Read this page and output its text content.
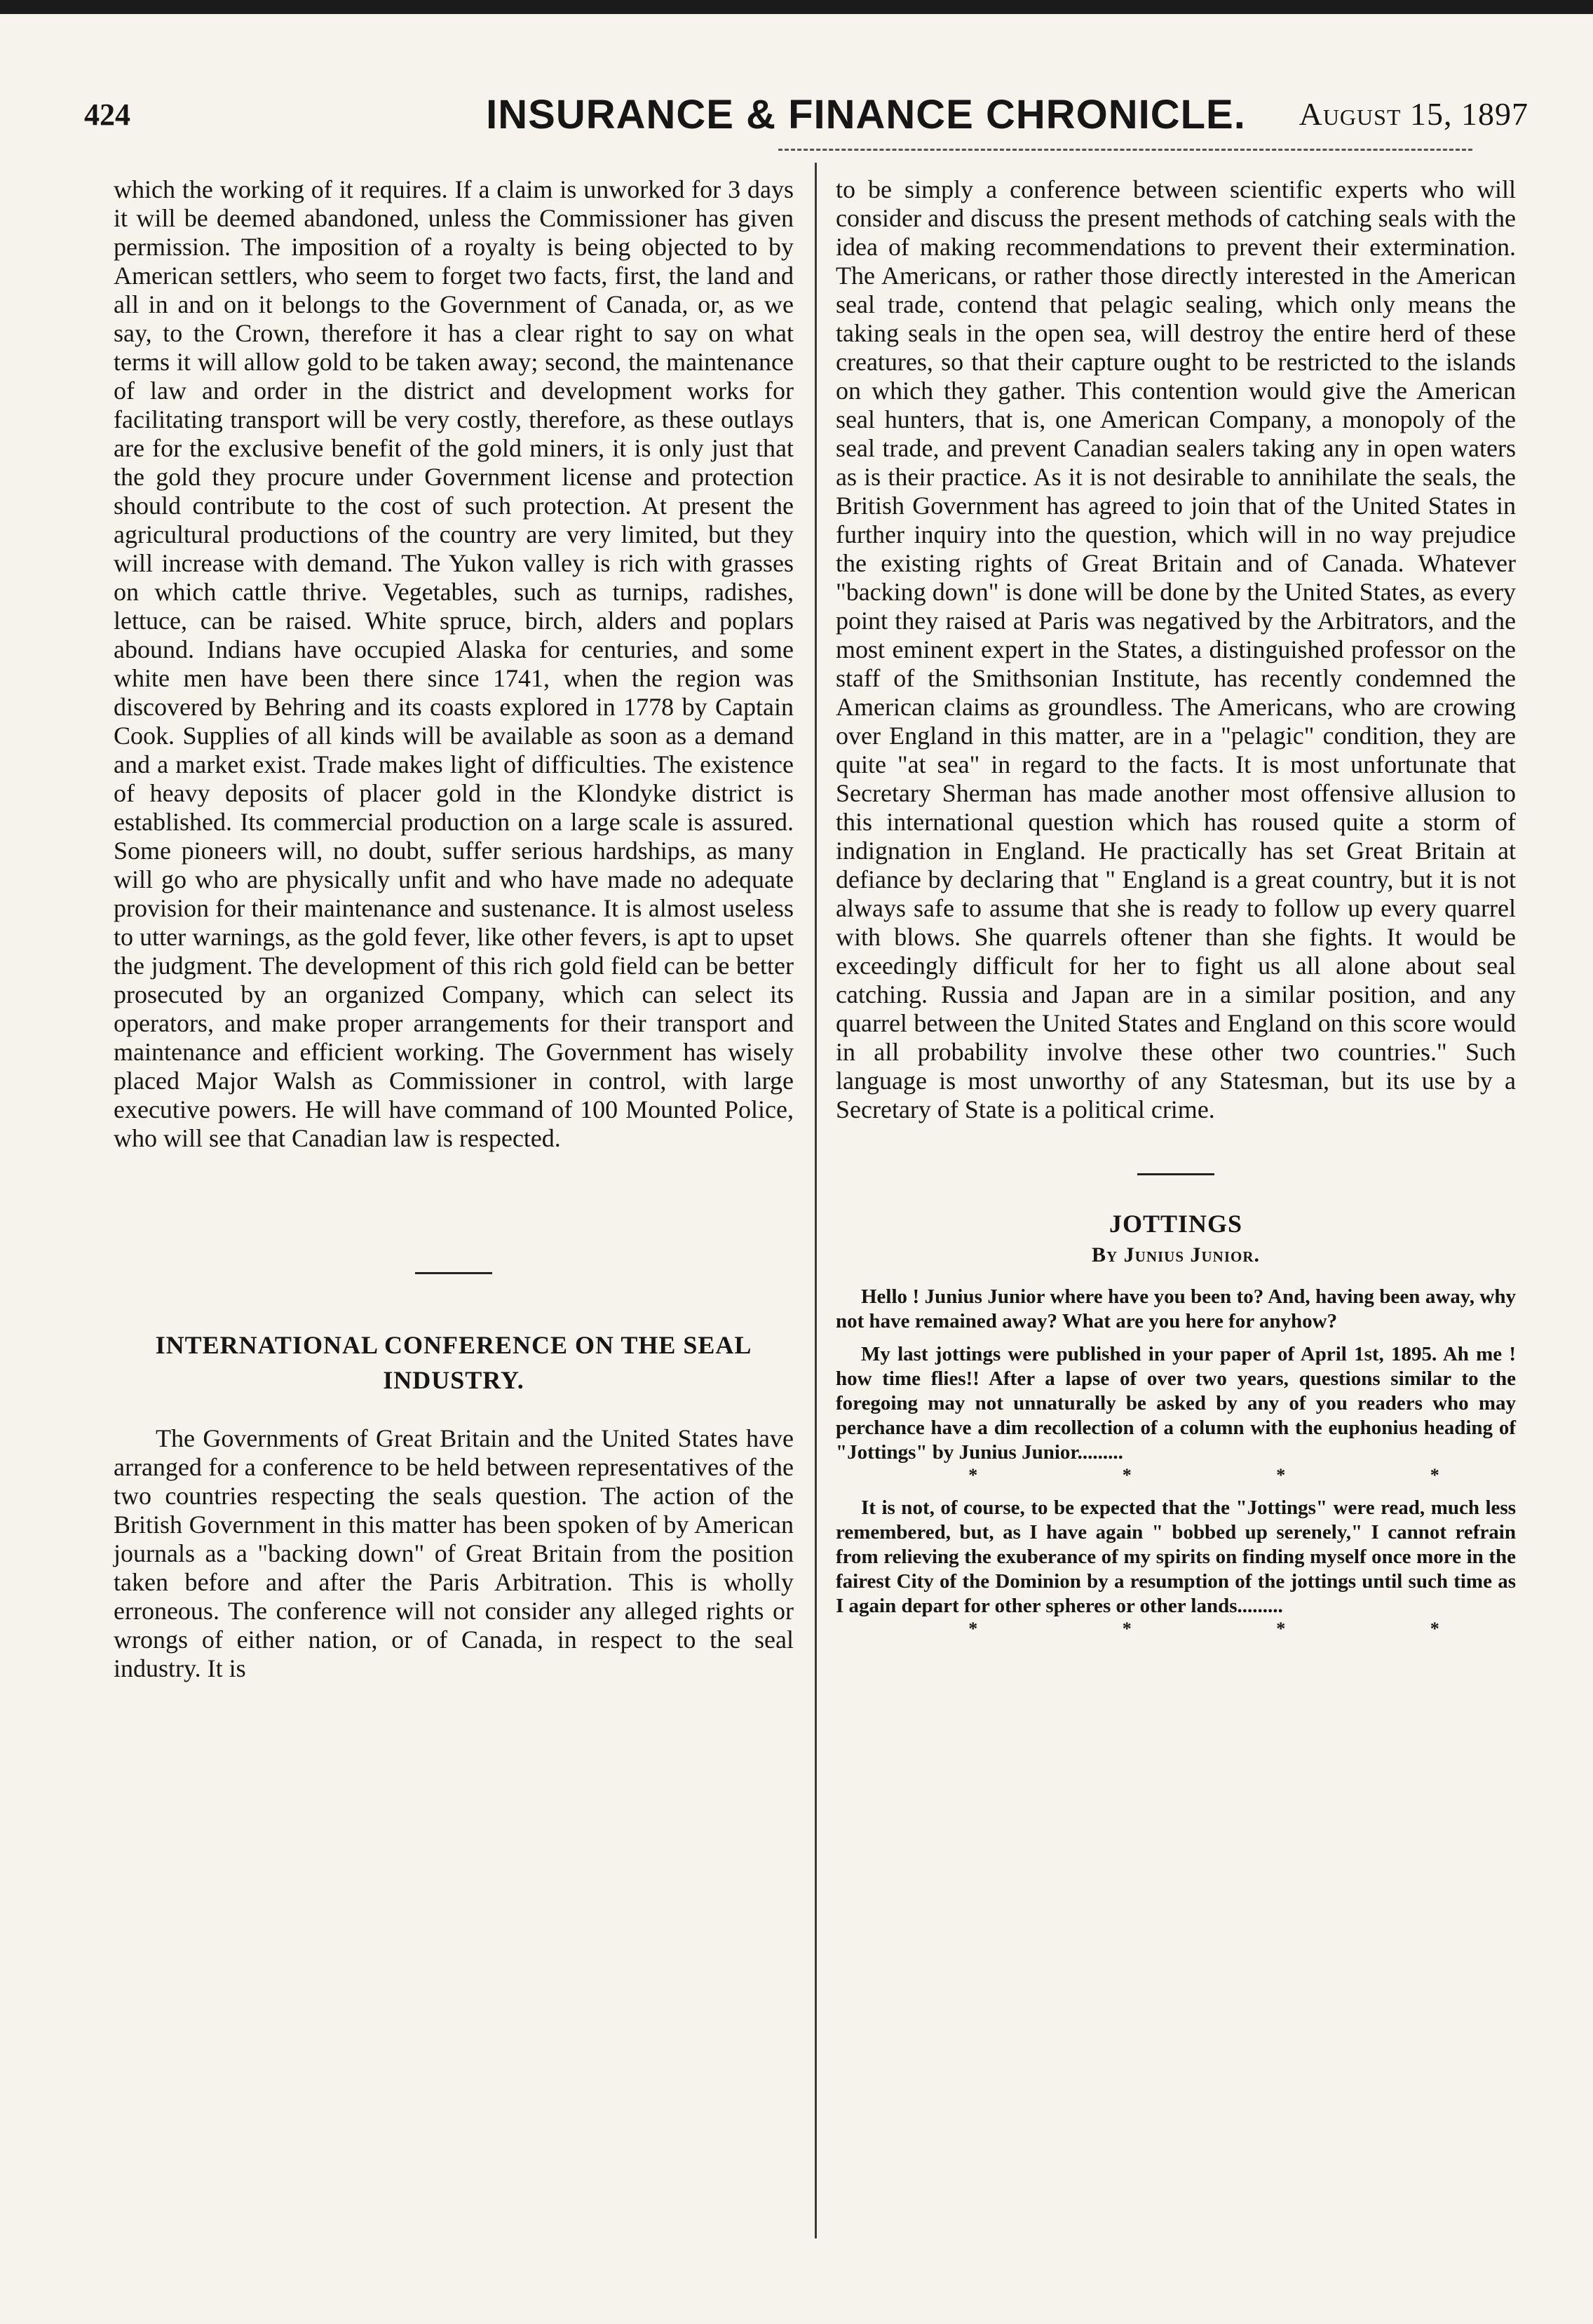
424	INSURANCE & FINANCE CHRONICLE.	August 15, 1897

which the working of it requires. If a claim is unworked for 3 days it will be deemed abandoned, unless the Commissioner has given permission. The imposition of a royalty is being objected to by American settlers, who seem to forget two facts, first, the land and all in and on it belongs to the Government of Canada, or, as we say, to the Crown, therefore it has a clear right to say on what terms it will allow gold to be taken away; second, the maintenance of law and order in the district and development works for facilitating transport will be very costly, therefore, as these outlays are for the exclusive benefit of the gold miners, it is only just that the gold they procure under Government license and protection should contribute to the cost of such protection. At present the agricultural productions of the country are very limited, but they will increase with demand. The Yukon valley is rich with grasses on which cattle thrive. Vegetables, such as turnips, radishes, lettuce, can be raised. White spruce, birch, alders and poplars abound. Indians have occupied Alaska for centuries, and some white men have been there since 1741, when the region was discovered by Behring and its coasts explored in 1778 by Captain Cook. Supplies of all kinds will be available as soon as a demand and a market exist. Trade makes light of difficulties. The existence of heavy deposits of placer gold in the Klondyke district is established. Its commercial production on a large scale is assured. Some pioneers will, no doubt, suffer serious hardships, as many will go who are physically unfit and who have made no adequate provision for their maintenance and sustenance. It is almost useless to utter warnings, as the gold fever, like other fevers, is apt to upset the judgment. The development of this rich gold field can be better prosecuted by an organized Company, which can select its operators, and make proper arrangements for their transport and maintenance and efficient working. The Government has wisely placed Major Walsh as Commissioner in control, with large executive powers. He will have command of 100 Mounted Police, who will see that Canadian law is respected.

INTERNATIONAL CONFERENCE ON THE SEAL INDUSTRY.

The Governments of Great Britain and the United States have arranged for a conference to be held between representatives of the two countries respecting the seals question. The action of the British Government in this matter has been spoken of by American journals as a "backing down" of Great Britain from the position taken before and after the Paris Arbitration. This is wholly erroneous. The conference will not consider any alleged rights or wrongs of either nation, or of Canada, in respect to the seal industry. It is

to be simply a conference between scientific experts who will consider and discuss the present methods of catching seals with the idea of making recommendations to prevent their extermination. The Americans, or rather those directly interested in the American seal trade, contend that pelagic sealing, which only means the taking seals in the open sea, will destroy the entire herd of these creatures, so that their capture ought to be restricted to the islands on which they gather. This contention would give the American seal hunters, that is, one American Company, a monopoly of the seal trade, and prevent Canadian sealers taking any in open waters as is their practice. As it is not desirable to annihilate the seals, the British Government has agreed to join that of the United States in further inquiry into the question, which will in no way prejudice the existing rights of Great Britain and of Canada. Whatever "backing down" is done will be done by the United States, as every point they raised at Paris was negatived by the Arbitrators, and the most eminent expert in the States, a distinguished professor on the staff of the Smithsonian Institute, has recently condemned the American claims as groundless. The Americans, who are crowing over England in this matter, are in a "pelagic" condition, they are quite "at sea" in regard to the facts. It is most unfortunate that Secretary Sherman has made another most offensive allusion to this international question which has roused quite a storm of indignation in England. He practically has set Great Britain at defiance by declaring that " England is a great country, but it is not always safe to assume that she is ready to follow up every quarrel with blows. She quarrels oftener than she fights. It would be exceedingly difficult for her to fight us all alone about seal catching. Russia and Japan are in a similar position, and any quarrel between the United States and England on this score would in all probability involve these other two countries." Such language is most unworthy of any Statesman, but its use by a Secretary of State is a political crime.

JOTTINGS
By Junius Junior.

Hello ! Junius Junior where have you been to? And, having been away, why not have remained away? What are you here for anyhow?

My last jottings were published in your paper of April 1st, 1895. Ah me ! how time flies!! After a lapse of over two years, questions similar to the foregoing may not unnaturally be asked by any of you readers who may perchance have a dim recollection of a column with the euphonius heading of "Jottings" by Junius Junior.........

* * * *

It is not, of course, to be expected that the "Jottings" were read, much less remembered, but, as I have again " bobbed up serenely," I cannot refrain from relieving the exuberance of my spirits on finding myself once more in the fairest City of the Dominion by a resumption of the jottings until such time as I again depart for other spheres or other lands.........

* * * *
